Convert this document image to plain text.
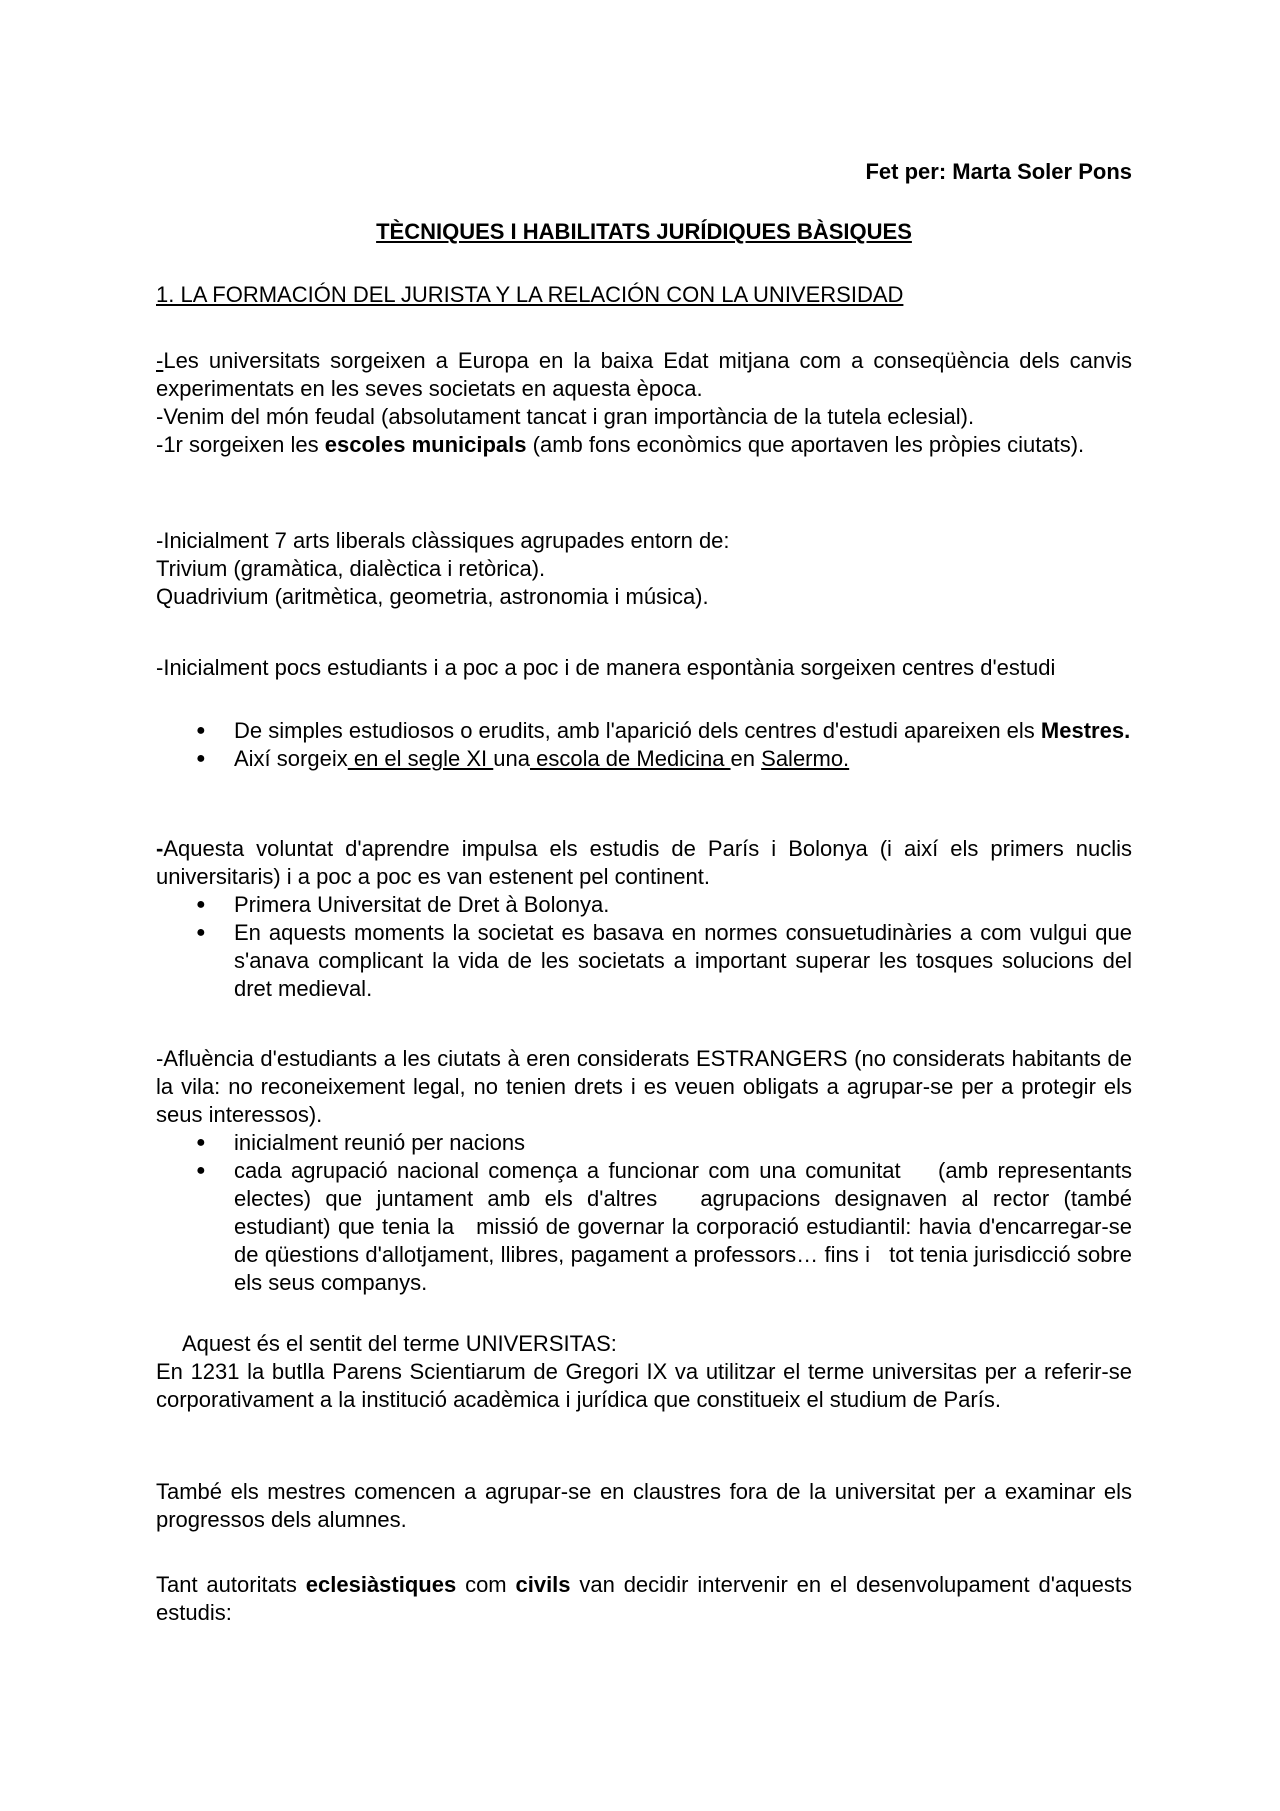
Fet per: Marta Soler Pons
TÈCNIQUES I HABILITATS JURÍDIQUES BÀSIQUES
1. LA FORMACIÓN DEL JURISTA Y LA RELACIÓN CON LA UNIVERSIDAD

-Les universitats sorgeixen a Europa en la baixa Edat mitjana com a conseqüència dels canvis experimentats en les seves societats en aquesta època.

-Venim del món feudal (absolutament tancat i gran importància de la tutela eclesial).

-1r sorgeixen les escoles municipals (amb fons econòmics que aportaven les pròpies ciutats).

-Inicialment 7 arts liberals clàssiques agrupades entorn de:

Trivium (gramàtica, dialèctica i retòrica).

Quadrivium (aritmètica, geometria, astronomia i música).

-Inicialment pocs estudiants i a poc a poc i de manera espontània sorgeixen centres d'estudi
● De simples estudiosos o erudits, amb l'aparició dels centres d'estudi apareixen els Mestres.
● Així sorgeix en el segle XI una escola de Medicina en Salermo.

-Aquesta voluntat d'aprendre impulsa els estudis de París i Bolonya (i així els primers nuclis universitaris) i a poc a poc es van estenent pel continent.

● Primera Universitat de Dret à Bolonya.
● En aquests moments la societat es basava en normes consuetudinàries a com vulgui que s'anava complicant la vida de les societats a important superar les tosques solucions del dret medieval.

-Afluència d'estudiants a les ciutats à eren considerats ESTRANGERS (no considerats habitants de la vila: no reconeixement legal, no tenien drets i es veuen obligats a agrupar-se per a protegir els seus interessos).

● inicialment reunió per nacions
● cada agrupació nacional comença a funcionar com una comunitat    (amb representants electes) que juntament amb els d'altres   agrupacions designaven al rector (també estudiant) que tenia la   missió de governar la corporació estudiantil: havia d'encarregar-se   de qüestions d'allotjament, llibres, pagament a professors… fins i   tot tenia jurisdicció sobre els seus companys.

Aquest és el sentit del terme UNIVERSITAS:

En 1231 la butlla Parens Scientiarum de Gregori IX va utilitzar el terme universitas per a referir-se corporativament a la institució acadèmica i jurídica que constitueix el studium de París.

També els mestres comencen a agrupar-se en claustres fora de la universitat per a examinar els progressos dels alumnes.
Tant autoritats eclesiàstiques com civils van decidir intervenir en el desenvolupament d'aquests estudis:
